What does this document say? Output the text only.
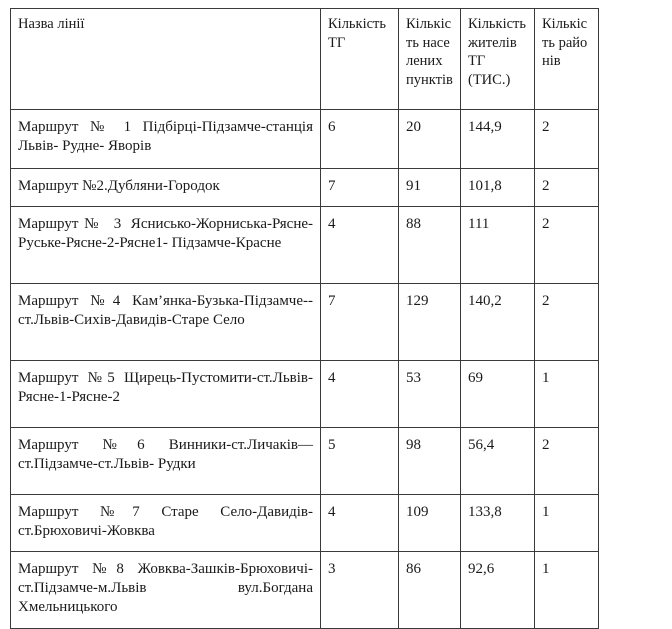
Назва лінії	Кількість ТГ	Кількість населених пунктів	Кількість жителів ТГ (ТИС.)	Кількість районів
Маршрут № 1 Підбірці-Підзамче-станція Львів- Рудне- Яворів	6	20	144,9	2
Маршрут №2.Дубляни-Городок	7	91	101,8	2
Маршрут№ 3 Яснисько-Жорниська-Рясне-Руське-Рясне-2-Рясне1- Підзамче-Красне	4	88	111	2
Маршрут №4 Кам’янка-Бузька-Підзамче--ст.Львів-Сихів-Давидів-Старе Село	7	129	140,2	2
Маршрут №5 Щирець-Пустомити-ст.Львів-Рясне-1-Рясне-2	4	53	69	1
Маршрут №6 Винники-ст.Личаків—ст.Підзамче-ст.Львів- Рудки	5	98	56,4	2
Маршрут №7 Старе Село-Давидів-ст.Брюховичі-Жовква	4	109	133,8	1
Маршрут №8 Жовква-Зашків-Брюховичі-ст.Підзамче-м.Львів вул.Богдана Хмельницького	3	86	92,6	1
